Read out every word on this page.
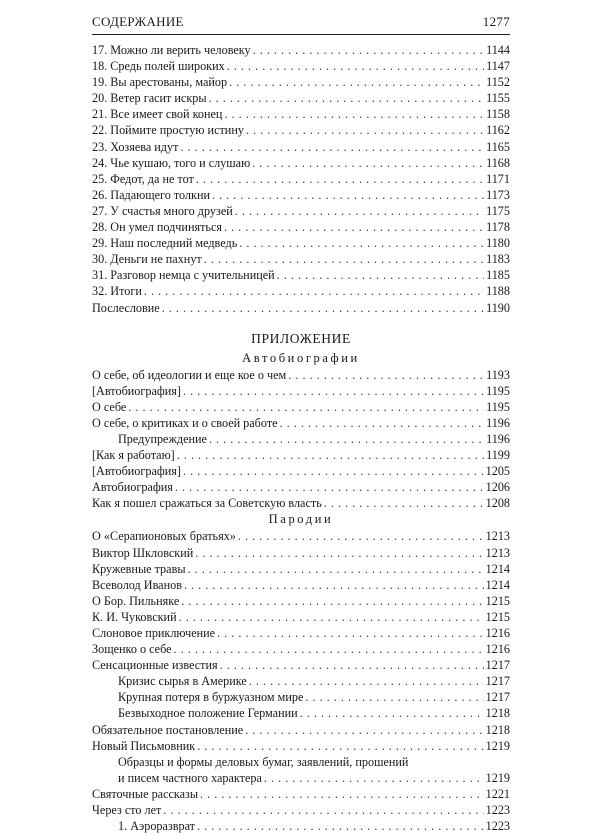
СОДЕРЖАНИЕ	1277
17. Можно ли верить человеку . . .	1144
18. Средь полей широких . . .	1147
19. Вы арестованы, майор . . .	1152
20. Ветер гасит искры . . .	1155
21. Все имеет свой конец . . .	1158
22. Поймите простую истину . . .	1162
23. Хозяева идут . . .	1165
24. Чье кушаю, того и слушаю . . .	1168
25. Федот, да не тот . . .	1171
26. Падающего толкни . . .	1173
27. У счастья много друзей . . .	1175
28. Он умел подчиняться . . .	1178
29. Наш последний медведь . . .	1180
30. Деньги не пахнут . . .	1183
31. Разговор немца с учительницей . . .	1185
32. Итоги . . .	1188
Послесловие . . .	1190
ПРИЛОЖЕНИЕ
Автобиографии
О себе, об идеологии и еще кое о чем . . .	1193
[Автобиография] . . .	1195
О себе . . .	1195
О себе, о критиках и о своей работе . . .	1196
Предупреждение . . .	1196
[Как я работаю] . . .	1199
[Автобиография] . . .	1205
Автобиография . . .	1206
Как я пошел сражаться за Советскую власть . . .	1208
Пародии
О «Серапионовых братьях» . . .	1213
Виктор Шкловский . . .	1213
Кружевные травы . . .	1214
Всеволод Иванов . . .	1214
О Бор. Пильняке . . .	1215
К. И. Чуковский . . .	1215
Слоновое приключение . . .	1216
Зощенко о себе . . .	1216
Сенсационные известия . . .	1217
Кризис сырья в Америке . . .	1217
Крупная потеря в буржуазном мире . . .	1217
Безвыходное положение Германии . . .	1218
Обязательное постановление . . .	1218
Новый Письмовник . . .	1219
Образцы и формы деловых бумаг, заявлений, прошений
и писем частного характера . . .	1219
Святочные рассказы . . .	1221
Через сто лет . . .	1223
1. Аэроразврат . . .	1223
